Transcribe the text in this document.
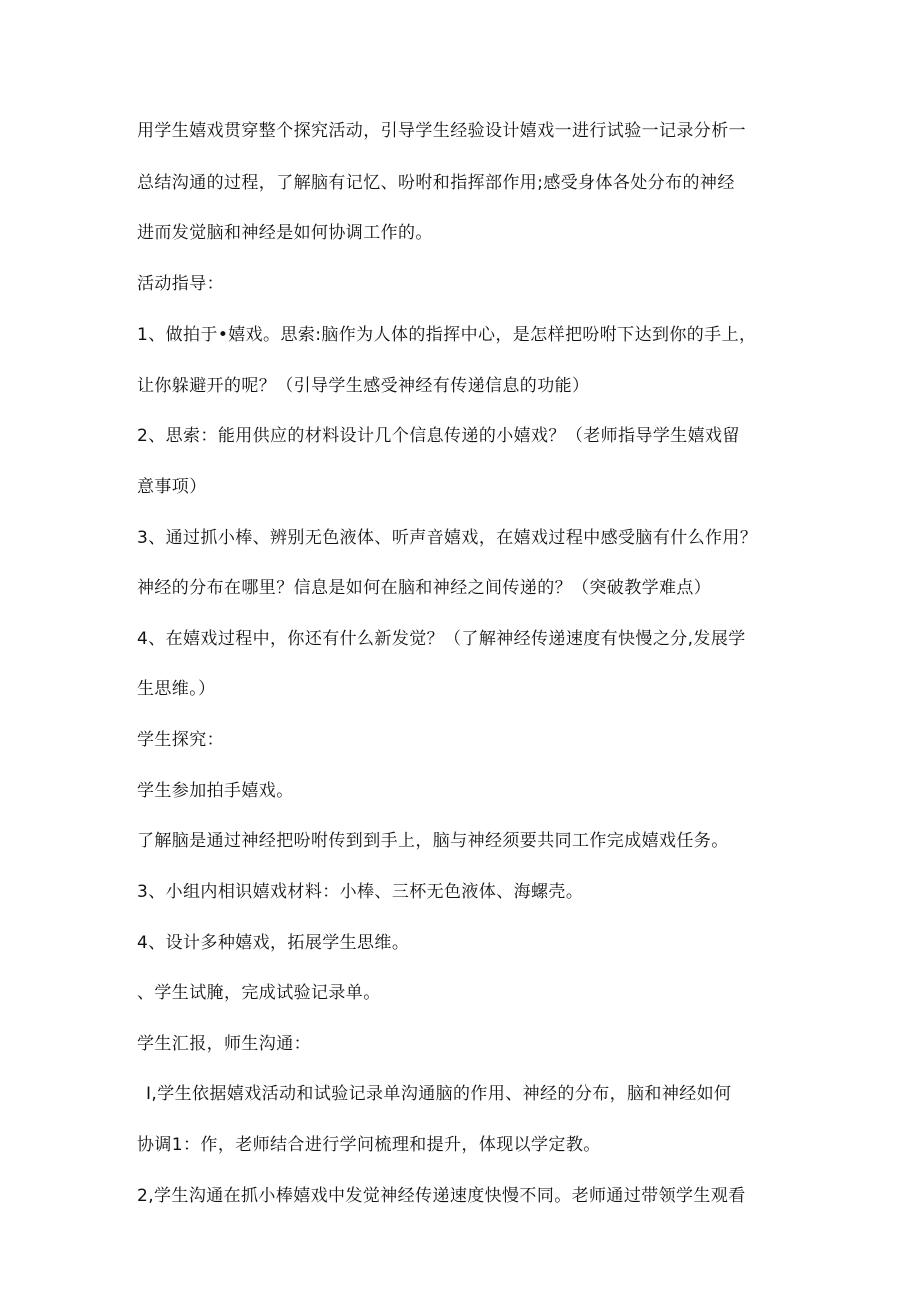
用学生嬉戏贯穿整个探究活动，引导学生经验设计嬉戏一进行试验一记录分析一
总结沟通的过程，了解脑有记忆、吩咐和指挥部作用;感受身体各处分布的神经
进而发觉脑和神经是如何协调工作的。
活动指导：
1、做拍于•嬉戏。思索:脑作为人体的指挥中心，是怎样把吩咐下达到你的手上，
让你躲避开的呢？（引导学生感受神经有传递信息的功能）
2、思索：能用供应的材料设计几个信息传递的小嬉戏？（老师指导学生嬉戏留
意事项）
3、通过抓小棒、辨别无色液体、听声音嬉戏，在嬉戏过程中感受脑有什么作用？
神经的分布在哪里？信息是如何在脑和神经之间传递的？（突破教学难点）
4、在嬉戏过程中，你还有什么新发觉？（了解神经传递速度有快慢之分,发展学
生思维。）
学生探究：
学生参加拍手嬉戏。
了解脑是通过神经把吩咐传到到手上，脑与神经须要共同工作完成嬉戏任务。
3、小组内相识嬉戏材料：小棒、三杯无色液体、海螺壳。
4、设计多种嬉戏，拓展学生思维。
、学生试腌，完成试验记录单。
学生汇报，师生沟通：
I,学生依据嬉戏活动和试验记录单沟通脑的作用、神经的分布，脑和神经如何
协调1：作，老师结合进行学问梳理和提升，体现以学定教。
2,学生沟通在抓小棒嬉戏中发觉神经传递速度快慢不同。老师通过带领学生观看
